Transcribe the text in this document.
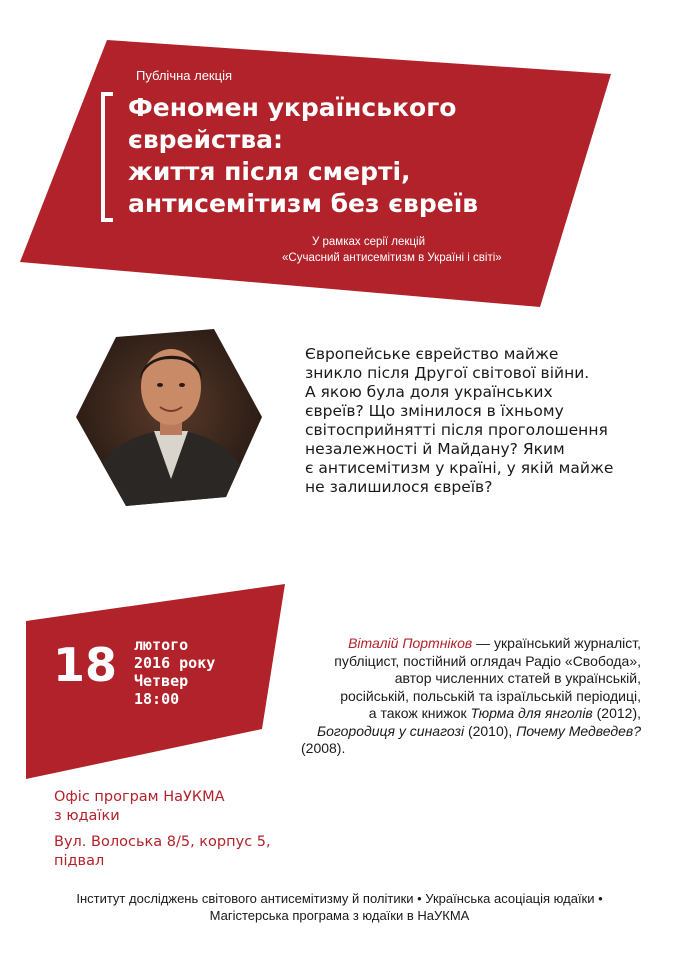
Публічна лекція
Феномен українського
єврейства:
життя після смерті,
антисемітизм без євреїв
У рамках серії лекцій
«Сучасний антисемітизм в Україні і світі»
Європейське єврейство майже
зникло після Другої світової війни.
А якою була доля українських
євреїв? Що змінилося в їхньому
світосприйнятті після проголошення
незалежності й Майдану? Яким
є антисемітизм у країні, у якій майже
не залишилося євреїв?
18 лютого
2016 року
Четвер
18:00
Віталій Портніков — український журналіст,
публіцист, постійний оглядач Радіо «Свобода»,
автор численних статей в українській,
російській, польській та ізраїльській періодиці,
а також книжок Тюрма для янголів (2012),
Богородиця у синагозі (2010), Почему Медведев?
(2008).
Офіс програм НаУКМА
з юдаїки
Вул. Волоська 8/5, корпус 5,
підвал
Інститут досліджень світового антисемітизму й політики • Українська асоціація юдаїки •
Магістерська програма з юдаїки в НаУКМА
